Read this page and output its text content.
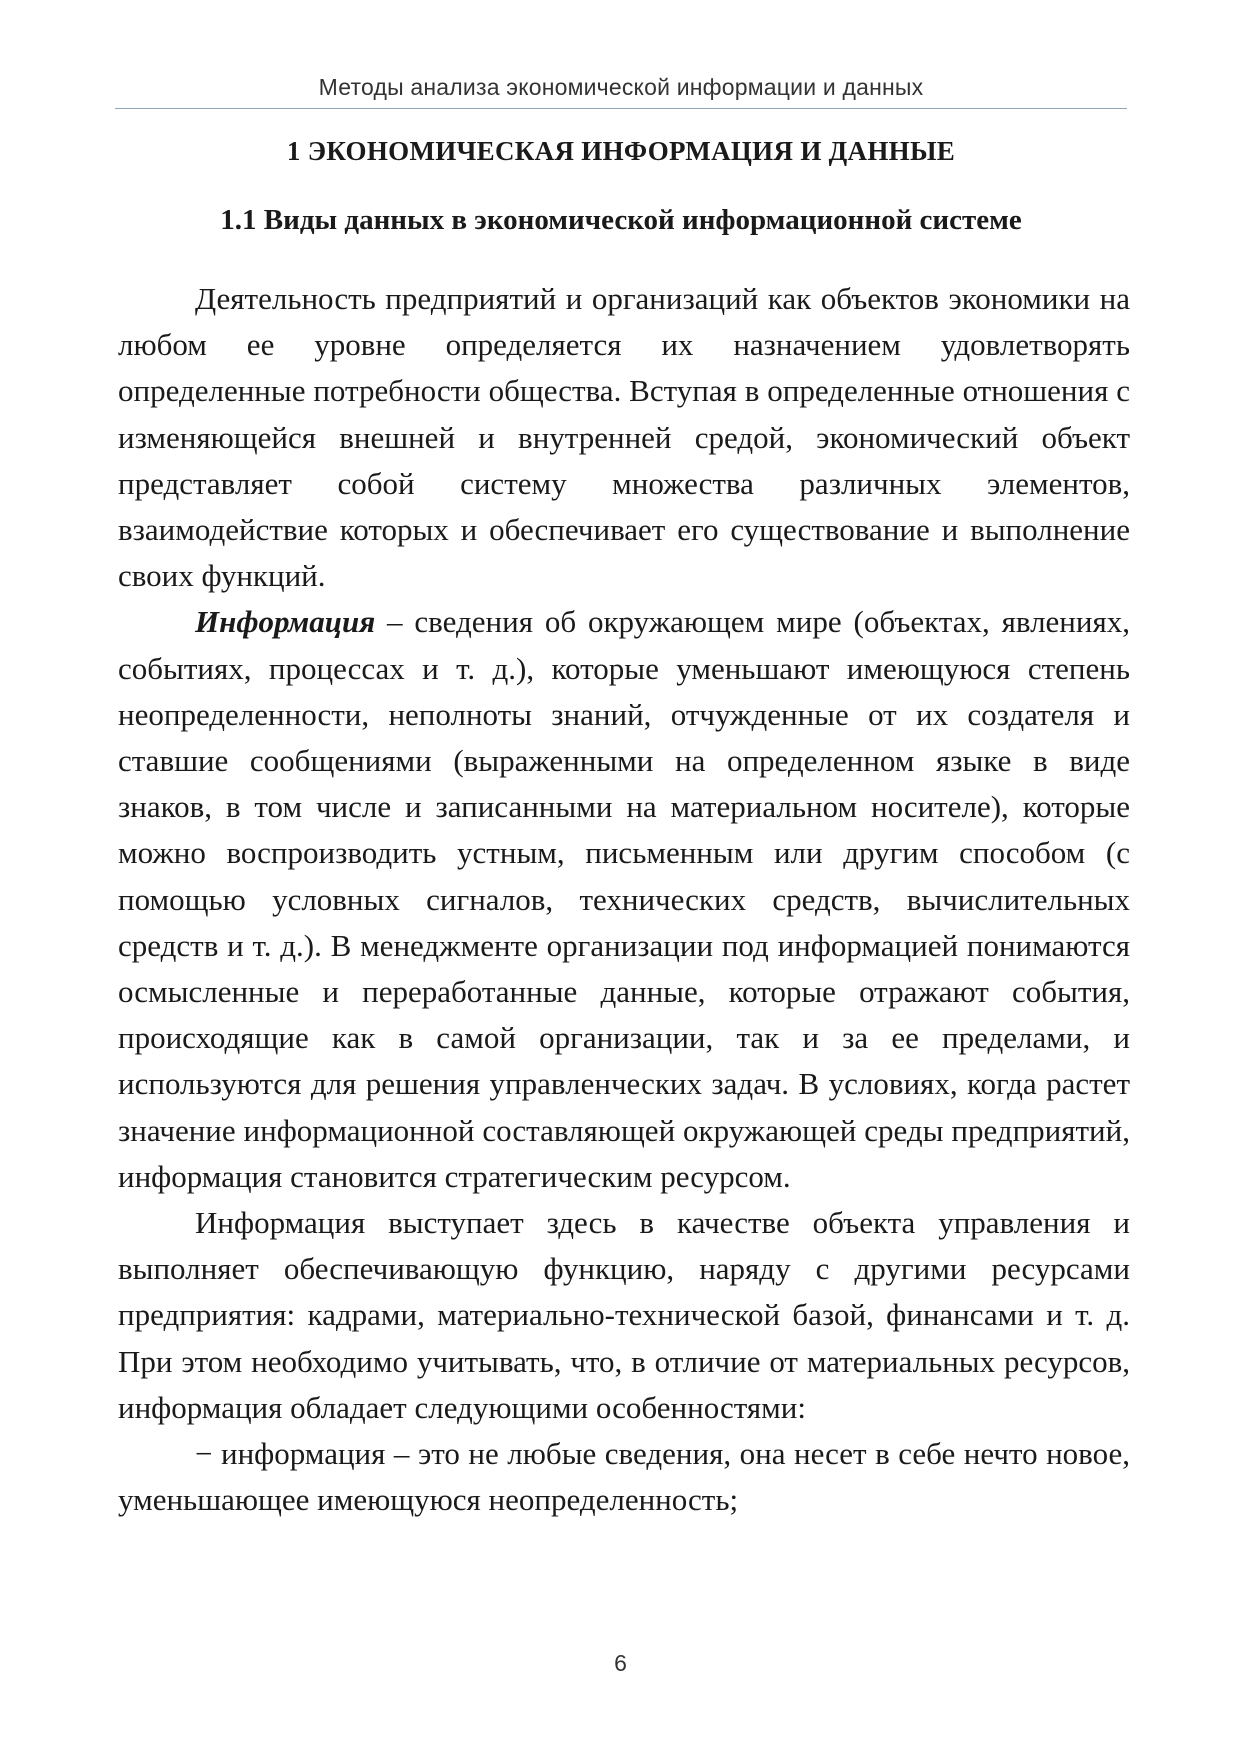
Методы анализа экономической информации и данных
1 ЭКОНОМИЧЕСКАЯ ИНФОРМАЦИЯ И ДАННЫЕ
1.1 Виды данных в экономической информационной системе

Деятельность предприятий и организаций как объектов экономики на любом ее уровне определяется их назначением удовлетворять определенные потребности общества. Вступая в определенные отношения с изменяющейся внешней и внутренней средой, экономический объект представляет собой систему множества различных элементов, взаимодействие которых и обеспечивает его существование и выполнение своих функций.

Информация – сведения об окружающем мире (объектах, явлениях, событиях, процессах и т. д.), которые уменьшают имеющуюся степень неопределенности, неполноты знаний, отчужденные от их создателя и ставшие сообщениями (выраженными на определенном языке в виде знаков, в том числе и записанными на материальном носителе), которые можно воспроизводить устным, письменным или другим способом (с помощью условных сигналов, технических средств, вычислительных средств и т. д.). В менеджменте организации под информацией понимаются осмысленные и переработанные данные, которые отражают события, происходящие как в самой организации, так и за ее пределами, и используются для решения управленческих задач. В условиях, когда растет значение информационной составляющей окружающей среды предприятий, информация становится стратегическим ресурсом.

Информация выступает здесь в качестве объекта управления и выполняет обеспечивающую функцию, наряду с другими ресурсами предприятия: кадрами, материально-технической базой, финансами и т. д. При этом необходимо учитывать, что, в отличие от материальных ресурсов, информация обладает следующими особенностями:

− информация – это не любые сведения, она несет в себе нечто новое, уменьшающее имеющуюся неопределенность;

6
